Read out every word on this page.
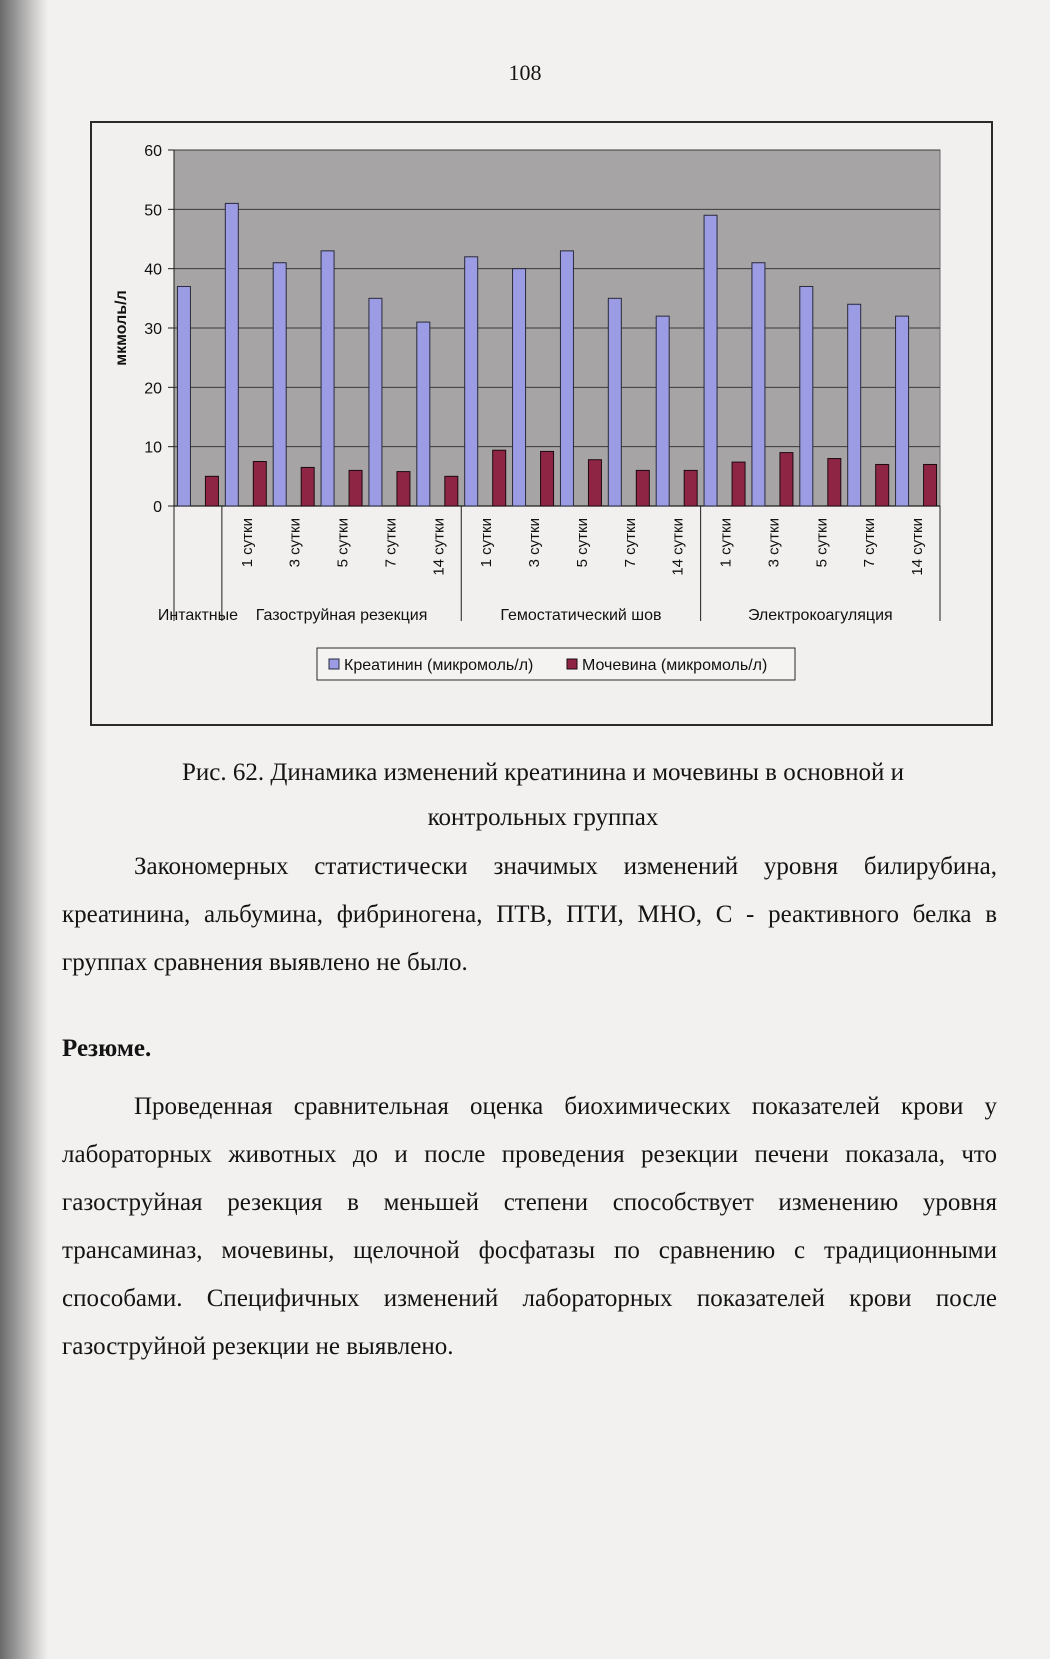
108
0
10
20
30
40
50
60
мкмоль/л
1 сутки 3 сутки 5 сутки 7 сутки 14 сутки 1 сутки 3 сутки 5 сутки 7 сутки 14 сутки 1 сутки 3 сутки 5 сутки 7 сутки 14 сутки
Интактные Газоструйная резекция	Гемостатический шов	Электрокоагуляция
Креатинин (микромоль/л)	Мочевина (микромоль/л)
Рис. 62. Динамика изменений креатинина и мочевины в основной и контрольных группах

Закономерных статистически значимых изменений уровня билирубина, креатинина, альбумина, фибриногена, ПТВ, ПТИ, МНО, С - реактивного белка в группах сравнения выявлено не было.

Резюме.

Проведенная сравнительная оценка биохимических показателей крови у лабораторных животных до и после проведения резекции печени показала, что газоструйная резекция в меньшей степени способствует изменению уровня трансаминаз, мочевины, щелочной фосфатазы по сравнению с традиционными способами. Специфичных изменений лабораторных показателей крови после газоструйной резекции не выявлено.
